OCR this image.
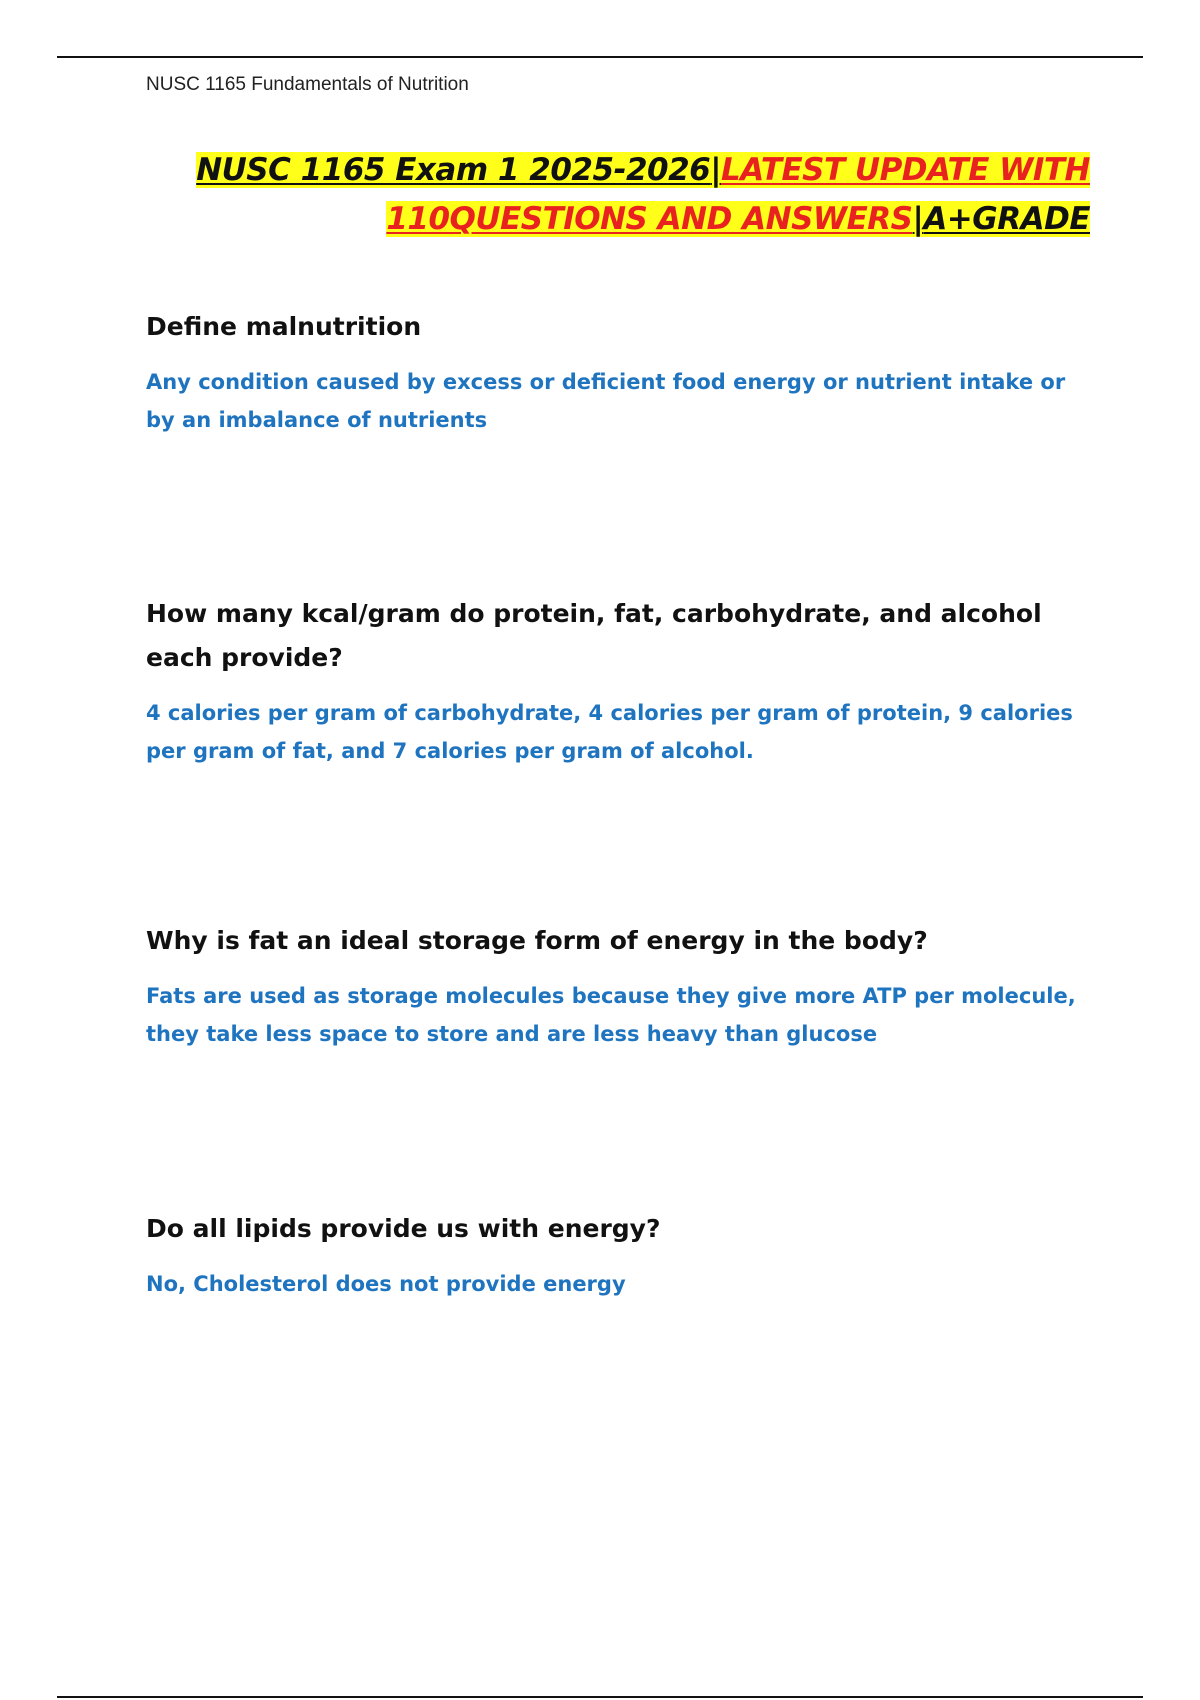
NUSC 1165 Fundamentals of Nutrition
NUSC 1165 Exam 1 2025-2026|LATEST UPDATE WITH
110QUESTIONS AND ANSWERS|A+GRADE

Define malnutrition

Any condition caused by excess or deficient food energy or nutrient intake or by an imbalance of nutrients

How many kcal/gram do protein, fat, carbohydrate, and alcohol each provide?

4 calories per gram of carbohydrate, 4 calories per gram of protein, 9 calories per gram of fat, and 7 calories per gram of alcohol.

Why is fat an ideal storage form of energy in the body?

Fats are used as storage molecules because they give more ATP per molecule, they take less space to store and are less heavy than glucose

Do all lipids provide us with energy?

No, Cholesterol does not provide energy
